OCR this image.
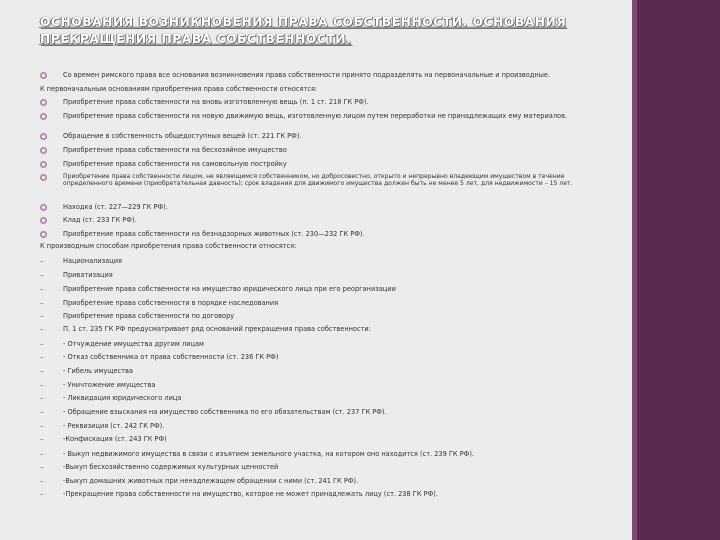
ОСНОВАНИЯ ВОЗНИКНОВЕНИЯ ПРАВА СОБСТВЕННОСТИ. ОСНОВАНИЯ ПРЕКРАЩЕНИЯ ПРАВА СОБСТВЕННОСТИ.
Со времен римского права все основания возникновения права собственности принято подразделять на первоначальные и производные.
К первоначальным основаниям приобретения права собственности относятся:
Приобретение права собственности на вновь изготовленную вещь (п. 1 ст. 218 ГК РФ).
Приобретение права собственности на новую движимую вещь, изготовленную лицом путем переработки не принадлежащих ему материалов.
Обращение в собственность общедоступных вещей (ст. 221 ГК РФ).
Приобретение права собственности на бесхозяйное имущество
Приобретение права собственности на самовольную постройку
Приобретение права собственности лицом, не являющимся собственником, но добросовестно, открыто и непрерывно владеющим имуществом в течение определенного времени (приобретательная давность); срок владения для движимого имущества должен быть не менее 5 лет, для недвижимости – 15 лет.
Находка (ст. 227—229 ГК РФ).
Клад (ст. 233 ГК РФ).
Приобретение права собственности на безнадзорных животных (ст. 230—232 ГК РФ).
К производным способам приобретения права собственности относятся:
–	Национализация
–	Приватизация
–	Приобретение права собственности на имущество юридического лица при его реорганизации
–	Приобретение права собственности в порядке наследования
–	Приобретение права собственности по договору
–	П. 1 ст. 235 ГК РФ предусматривает ряд оснований прекращения права собственности:
–	- Отчуждение имущества другим лицам
–	- Отказ собственника от права собственности (ст. 236 ГК РФ)
–	- Гибель имущества
–	- Уничтожение имущества
–	- Ликвидация юридического лица
–	- Обращение взыскания на имущество собственника по его обязательствам (ст. 237 ГК РФ).
–	- Реквизиция (ст. 242 ГК РФ).
–	-Конфискация (ст. 243 ГК РФ)
–	- Выкуп недвижимого имущества в связи с изъятием земельного участка, на котором оно находится (ст. 239 ГК РФ).
–	-Выкуп бесхозяйственно содержимых культурных ценностей
–	-Выкуп домашних животных при ненадлежащем обращении с ними (ст. 241 ГК РФ).
–	-Прекращение права собственности на имущество, которое не может принадлежать лицу (ст. 238 ГК РФ).
